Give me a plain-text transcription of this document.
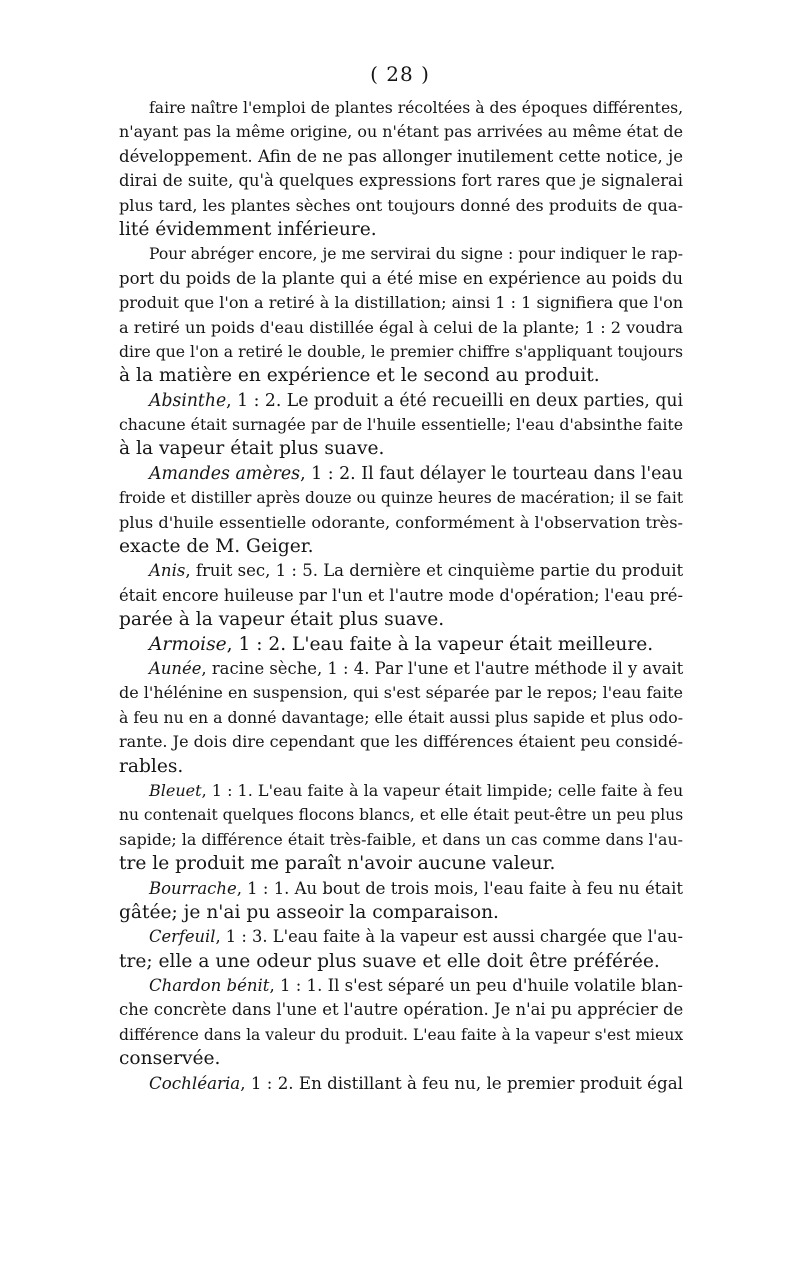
( 28 )
faire naître l'emploi de plantes récoltées à des époques différentes,
n'ayant pas la même origine, ou n'étant pas arrivées au même état de
développement. Afin de ne pas allonger inutilement cette notice, je
dirai de suite, qu'à quelques expressions fort rares que je signalerai
plus tard, les plantes sèches ont toujours donné des produits de qua-
lité évidemment inférieure.
Pour abréger encore, je me servirai du signe : pour indiquer le rap-
port du poids de la plante qui a été mise en expérience au poids du
produit que l'on a retiré à la distillation; ainsi 1 : 1 signifiera que l'on
a retiré un poids d'eau distillée égal à celui de la plante; 1 : 2 voudra
dire que l'on a retiré le double, le premier chiffre s'appliquant toujours
à la matière en expérience et le second au produit.
Absinthe, 1 : 2. Le produit a été recueilli en deux parties, qui
chacune était surnagée par de l'huile essentielle; l'eau d'absinthe faite
à la vapeur était plus suave.
Amandes amères, 1 : 2. Il faut délayer le tourteau dans l'eau
froide et distiller après douze ou quinze heures de macération; il se fait
plus d'huile essentielle odorante, conformément à l'observation très-
exacte de M. Geiger.
Anis, fruit sec, 1 : 5. La dernière et cinquième partie du produit
était encore huileuse par l'un et l'autre mode d'opération; l'eau pré-
parée à la vapeur était plus suave.
Armoise, 1 : 2. L'eau faite à la vapeur était meilleure.
Aunée, racine sèche, 1 : 4. Par l'une et l'autre méthode il y avait
de l'hélénine en suspension, qui s'est séparée par le repos; l'eau faite
à feu nu en a donné davantage; elle était aussi plus sapide et plus odo-
rante. Je dois dire cependant que les différences étaient peu considé-
rables.
Bleuet, 1 : 1. L'eau faite à la vapeur était limpide; celle faite à feu
nu contenait quelques flocons blancs, et elle était peut-être un peu plus
sapide; la différence était très-faible, et dans un cas comme dans l'au-
tre le produit me paraît n'avoir aucune valeur.
Bourrache, 1 : 1. Au bout de trois mois, l'eau faite à feu nu était
gâtée; je n'ai pu asseoir la comparaison.
Cerfeuil, 1 : 3. L'eau faite à la vapeur est aussi chargée que l'au-
tre; elle a une odeur plus suave et elle doit être préférée.
Chardon bénit, 1 : 1. Il s'est séparé un peu d'huile volatile blan-
che concrète dans l'une et l'autre opération. Je n'ai pu apprécier de
différence dans la valeur du produit. L'eau faite à la vapeur s'est mieux
conservée.
Cochléaria, 1 : 2. En distillant à feu nu, le premier produit égal
